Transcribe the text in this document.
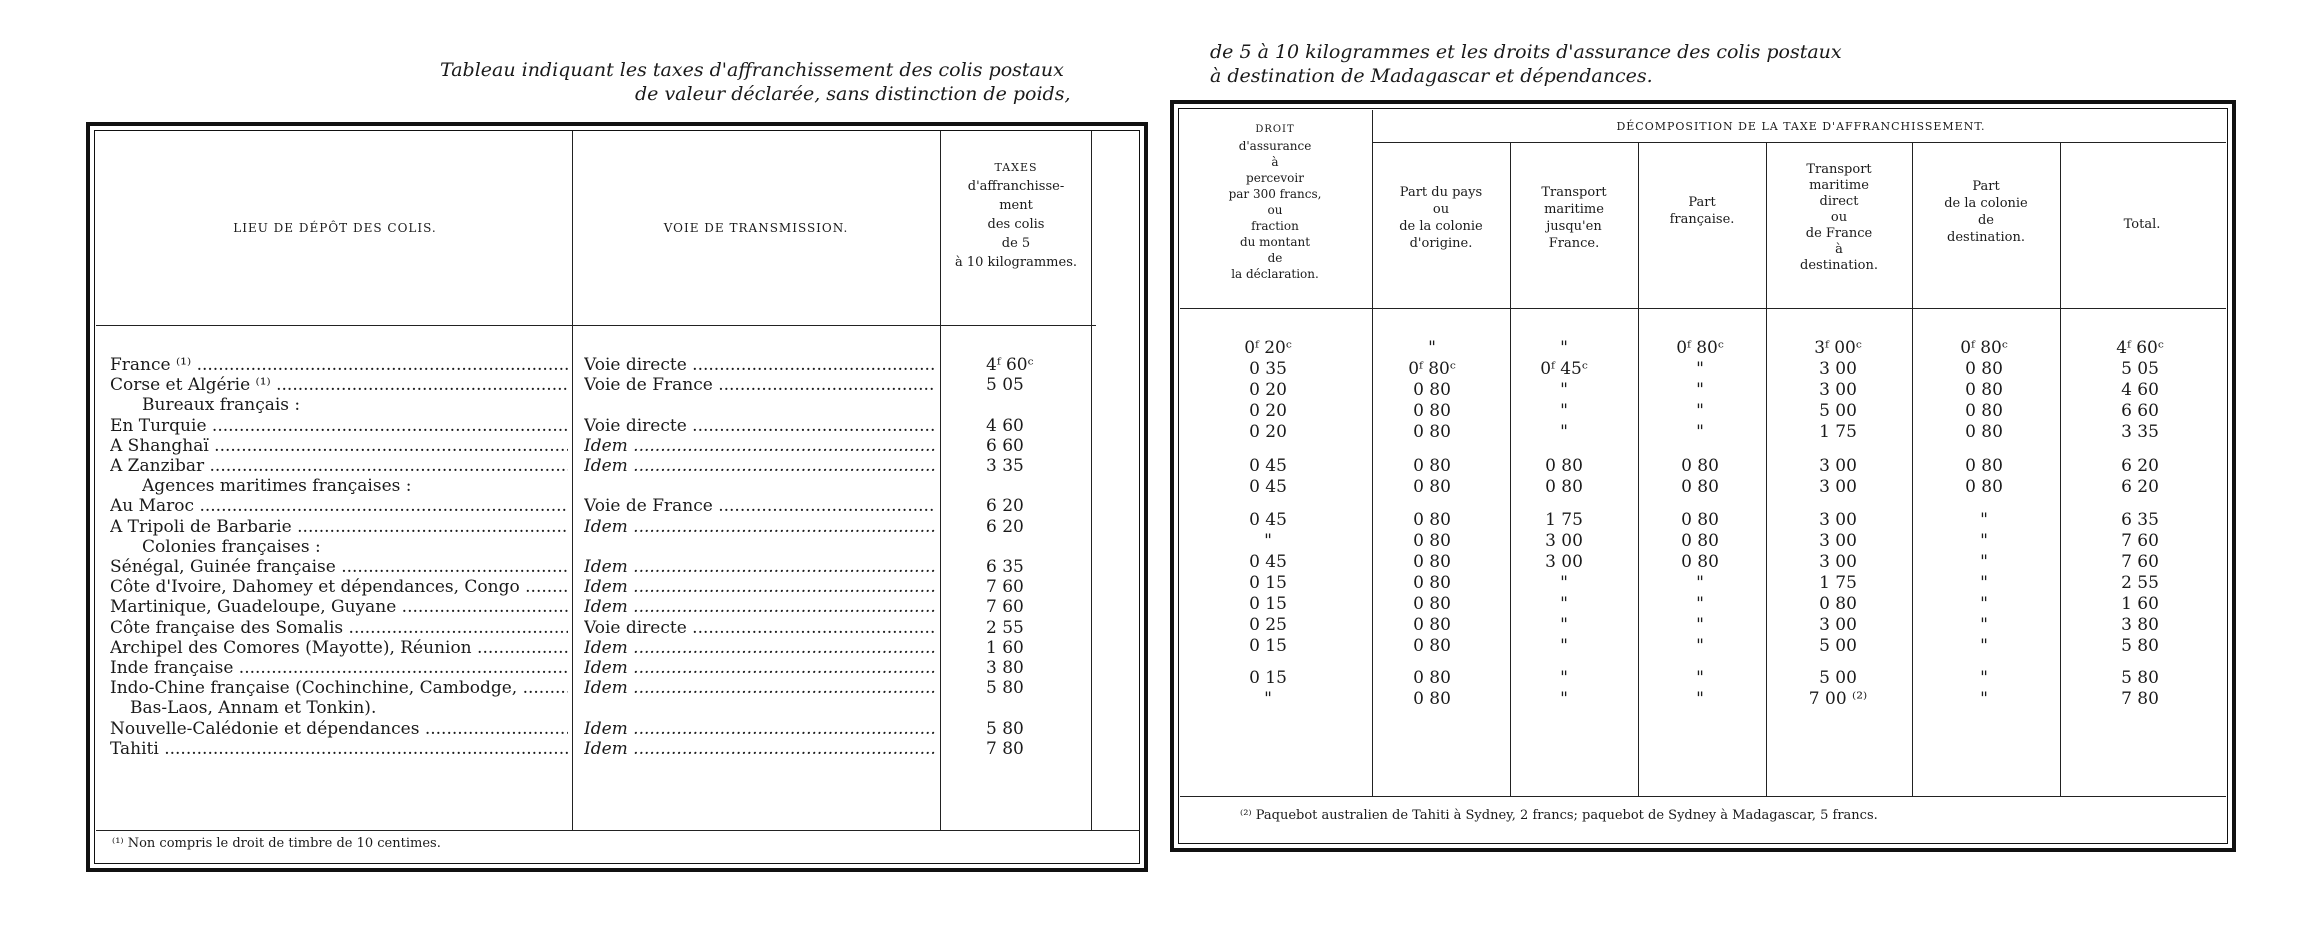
Tableau indiquant les taxes d'affranchissement des colis postaux
de valeur déclarée, sans distinction de poids,
LIEU DE DÉPÔT DES COLIS.	VOIE DE TRANSMISSION.
TAXES
d'affranchisse-
ment
des colis
de 5
à 10 kilogrammes.
France ⁽¹⁾ .....	Voie directe .....	4ᶠ 60ᶜ
Corse et Algérie ⁽¹⁾ .....	Voie de France .....	5 05
Bureaux français :
En Turquie .....	Voie directe .....	4 60
A Shanghaï .....	Idem .....	6 60
A Zanzibar .....	Idem .....	3 35
Agences maritimes françaises :
Au Maroc .....	Voie de France .....	6 20
A Tripoli de Barbarie .....	Idem .....	6 20
Colonies françaises :
Sénégal, Guinée française .....	Idem .....	6 35
Côte d'Ivoire, Dahomey et dépendances, Congo .....	Idem .....	7 60
Martinique, Guadeloupe, Guyane .....	Idem .....	7 60
Côte française des Somalis .....	Voie directe .....	2 55
Archipel des Comores (Mayotte), Réunion .....	Idem .....	1 60
Inde française .....	Idem .....	3 80
Indo-Chine française (Cochinchine, Cambodge, .....	Idem .....	5 80
Bas-Laos, Annam et Tonkin).
Nouvelle-Calédonie et dépendances .....	Idem .....	5 80
Tahiti .....	Idem .....	7 80
⁽¹⁾ Non compris le droit de timbre de 10 centimes.
de 5 à 10 kilogrammes et les droits d'assurance des colis postaux
à destination de Madagascar et dépendances.
DROIT
d'assurance
à
percevoir
par 300 francs,
ou
fraction
du montant
de
la déclaration.
DÉCOMPOSITION DE LA TAXE D'AFFRANCHISSEMENT.
Part du pays
ou
de la colonie
d'origine.
Transport
maritime
jusqu'en
France.
Part
française.
Transport
maritime
direct
ou
de France
à
destination.
Part
de la colonie
de
destination.
Total.
0ᶠ 20ᶜ	"	"	0ᶠ 80ᶜ	3ᶠ 00ᶜ	0ᶠ 80ᶜ	4ᶠ 60ᶜ
0 35	0ᶠ 80ᶜ	0ᶠ 45ᶜ	"	3 00	0 80	5 05
0 20	0 80	"	"	3 00	0 80	4 60
0 20	0 80	"	"	5 00	0 80	6 60
0 20	0 80	"	"	1 75	0 80	3 35
0 45	0 80	0 80	0 80	3 00	0 80	6 20
0 45	0 80	0 80	0 80	3 00	0 80	6 20
0 45	0 80	1 75	0 80	3 00	"	6 35
"	0 80	3 00	0 80	3 00	"	7 60
0 45	0 80	3 00	0 80	3 00	"	7 60
0 15	0 80	"	"	1 75	"	2 55
0 15	0 80	"	"	0 80	"	1 60
0 25	0 80	"	"	3 00	"	3 80
0 15	0 80	"	"	5 00	"	5 80
0 15	0 80	"	"	5 00	"	5 80
"	0 80	"	"	7 00 ⁽²⁾	"	7 80
⁽²⁾ Paquebot australien de Tahiti à Sydney, 2 francs; paquebot de Sydney à Madagascar, 5 francs.
